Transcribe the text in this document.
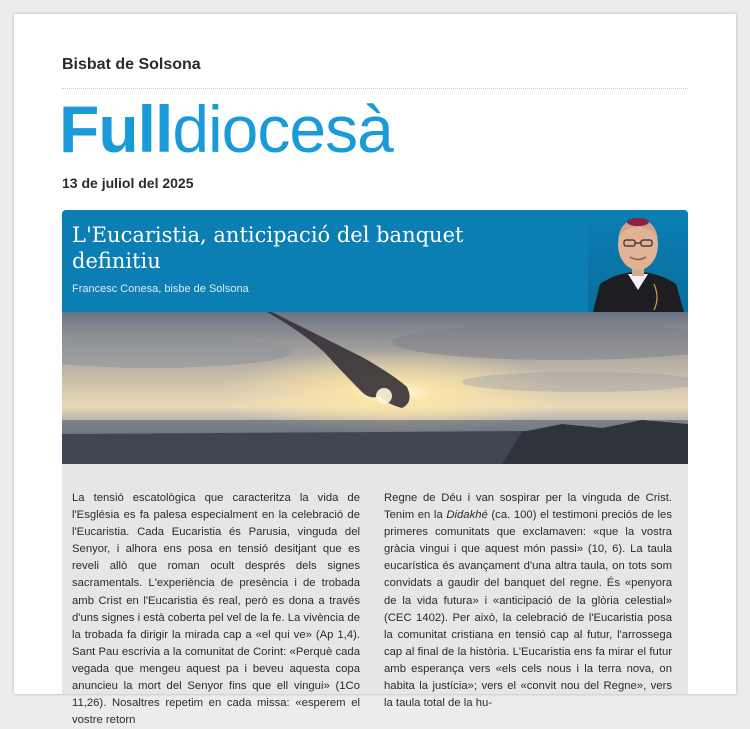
Bisbat de Solsona
Fulldiocesà
13 de juliol del 2025
L'Eucaristia, anticipació del banquet definitiu
Francesc Conesa, bisbe de Solsona

La tensió escatològica que caracteritza la vida de l'Església es fa palesa especialment en la celebració de l'Eucaristia. Cada Eucaristia és Parusia, vinguda del Senyor, i alhora ens posa en tensió desitjant que es reveli allò que roman ocult després dels signes sacramentals. L'experiència de presència i de trobada amb Crist en l'Eucaristia és real, però es dona a través d'uns signes i està coberta pel vel de la fe. La vivència de la trobada fa dirigir la mirada cap a «el qui ve» (Ap 1,4). Sant Pau escrivia a la comunitat de Corint: «Perquè cada vegada que mengeu aquest pa i beveu aquesta copa anuncieu la mort del Senyor fins que ell vingui» (1Co 11,26). Nosaltres repetim en cada missa: «esperem el vostre retorn

Regne de Déu i van sospirar per la vinguda de Crist. Tenim en la Didakhé (ca. 100) el testimoni preciós de les primeres comunitats que exclamaven: «que la vostra gràcia vingui i que aquest món passi» (10, 6). La taula eucarística és avançament d'una altra taula, on tots som convidats a gaudir del banquet del regne. És «penyora de la vida futura» i «anticipació de la glòria celestial» (CEC 1402). Per això, la celebració de l'Eucaristia posa la comunitat cristiana en tensió cap al futur, l'arrossega cap al final de la història. L'Eucaristia ens fa mirar el futur amb esperança vers «els cels nous i la terra nova, on habita la justícia»; vers el «convit nou del Regne», vers la taula total de la hu-
